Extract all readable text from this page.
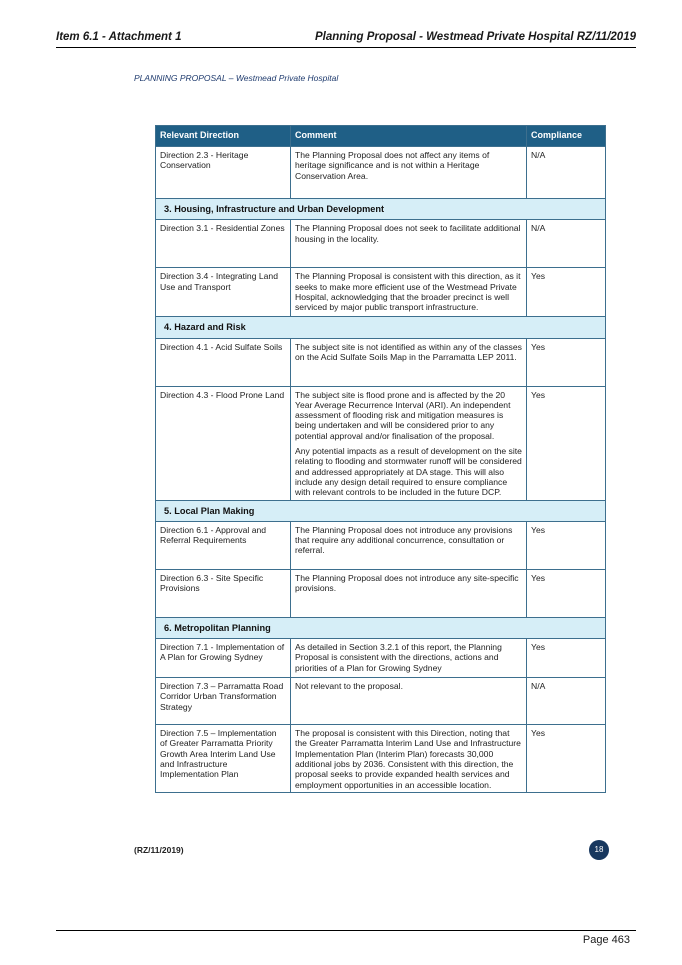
Item 6.1 - Attachment 1	Planning Proposal - Westmead Private Hospital RZ/11/2019
PLANNING PROPOSAL – Westmead Private Hospital
Relevant Direction	Comment	Compliance
Direction 2.3 - Heritage Conservation	The Planning Proposal does not affect any items of heritage significance and is not within a Heritage Conservation Area.	N/A
3. Housing, Infrastructure and Urban Development		
Direction 3.1 - Residential Zones	The Planning Proposal does not seek to facilitate additional housing in the locality.	N/A
Direction 3.4 - Integrating Land Use and Transport	The Planning Proposal is consistent with this direction, as it seeks to make more efficient use of the Westmead Private Hospital, acknowledging that the broader precinct is well serviced by major public transport infrastructure.	Yes
4. Hazard and Risk		
Direction 4.1 - Acid Sulfate Soils	The subject site is not identified as within any of the classes on the Acid Sulfate Soils Map in the Parramatta LEP 2011.	Yes
Direction 4.3 - Flood Prone Land	The subject site is flood prone and is affected by the 20 Year Average Recurrence Interval (ARI). An independent assessment of flooding risk and mitigation measures is being undertaken and will be considered prior to any potential approval and/or finalisation of the proposal.

Any potential impacts as a result of development on the site relating to flooding and stormwater runoff will be considered and addressed appropriately at DA stage. This will also include any design detail required to ensure compliance with relevant controls to be included in the future DCP.	Yes
5. Local Plan Making		
Direction 6.1 - Approval and Referral Requirements	The Planning Proposal does not introduce any provisions that require any additional concurrence, consultation or referral.	Yes
Direction 6.3 - Site Specific Provisions	The Planning Proposal does not introduce any site-specific provisions.	Yes
6. Metropolitan Planning		
Direction 7.1 - Implementation of A Plan for Growing Sydney	As detailed in Section 3.2.1 of this report, the Planning Proposal is consistent with the directions, actions and priorities of a Plan for Growing Sydney	Yes
Direction 7.3 – Parramatta Road Corridor Urban Transformation Strategy	Not relevant to the proposal.	N/A
Direction 7.5 – Implementation of Greater Parramatta Priority Growth Area Interim Land Use and Infrastructure Implementation Plan	The proposal is consistent with this Direction, noting that the Greater Parramatta Interim Land Use and Infrastructure Implementation Plan (Interim Plan) forecasts 30,000 additional jobs by 2036. Consistent with this direction, the proposal seeks to provide expanded health services and employment opportunities in an accessible location.	Yes
(RZ/11/2019)	18
Page 463
